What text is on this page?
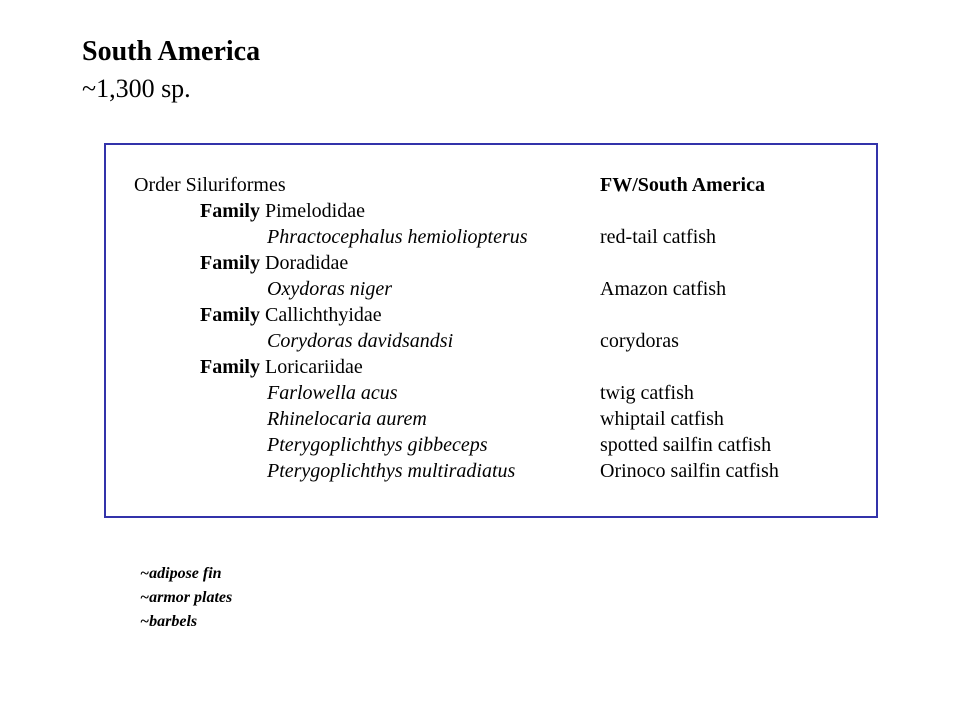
South America
~1,300 sp.
Order Siluriformes	FW/South America
Family Pimelodidae
Phractocephalus hemioliopterus	red-tail catfish
Family Doradidae
Oxydoras niger	Amazon catfish
Family Callichthyidae
Corydoras davidsandsi	corydoras
Family Loricariidae
Farlowella acus	twig catfish
Rhinelocaria aurem	whiptail catfish
Pterygoplichthys gibbeceps	spotted sailfin catfish
Pterygoplichthys multiradiatus	Orinoco sailfin catfish
~adipose fin
~armor plates
~barbels
